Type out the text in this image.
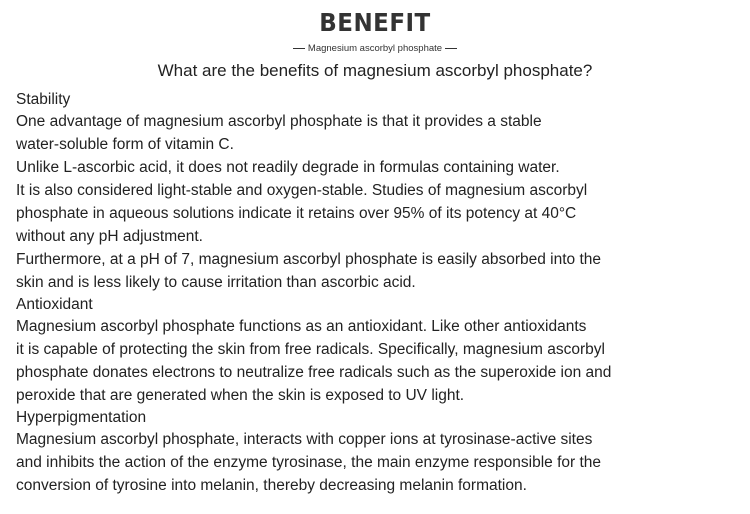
BENEFIT
Magnesium ascorbyl phosphate
What are the benefits of magnesium ascorbyl phosphate?
Stability
One advantage of magnesium ascorbyl phosphate is that it provides a stable
water-soluble form of vitamin C.
Unlike L-ascorbic acid, it does not readily degrade in formulas containing water.
It is also considered light-stable and oxygen-stable. Studies of magnesium ascorbyl
phosphate in aqueous solutions indicate it retains over 95% of its potency at 40°C
without any pH adjustment.
Furthermore, at a pH of 7, magnesium ascorbyl phosphate is easily absorbed into the
skin and is less likely to cause irritation than ascorbic acid.
Antioxidant
Magnesium ascorbyl phosphate functions as an antioxidant. Like other antioxidants
it is capable of protecting the skin from free radicals. Specifically, magnesium ascorbyl
phosphate donates electrons to neutralize free radicals such as the superoxide ion and
peroxide that are generated when the skin is exposed to UV light.
Hyperpigmentation
Magnesium ascorbyl phosphate, interacts with copper ions at tyrosinase-active sites
and inhibits the action of the enzyme tyrosinase, the main enzyme responsible for the
conversion of tyrosine into melanin, thereby decreasing melanin formation.
